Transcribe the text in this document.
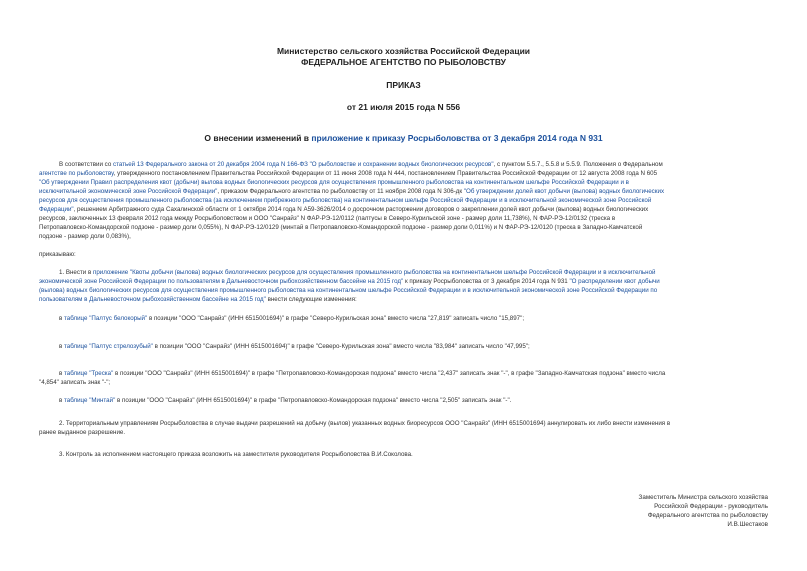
Министерство сельского хозяйства Российской Федерации
ФЕДЕРАЛЬНОЕ АГЕНТСТВО ПО РЫБОЛОВСТВУ
ПРИКАЗ
от 21 июля 2015 года N 556
О внесении изменений в приложение к приказу Росрыболовства от 3 декабря 2014 года N 931
В соответствии со статьей 13 Федерального закона от 20 декабря 2004 года N 166-ФЗ "О рыболовстве и сохранении водных биологических ресурсов", с пунктом 5.5.7., 5.5.8 и 5.5.9. Положения о Федеральном
агентстве по рыболовству, утвержденного постановлением Правительства Российской Федерации от 11 июня 2008 года N 444, постановлением Правительства Российской Федерации от 12 августа 2008 года N 605
"Об утверждении Правил распределения квот (добычи) вылова водных биологических ресурсов для осуществления промышленного рыболовства на континентальном шельфе Российской Федерации и в
исключительной экономической зоне Российской Федерации", приказом Федерального агентства по рыболовству от 11 ноября 2008 года N 306-дк "Об утверждении долей квот добычи (вылова) водных биологических
ресурсов для осуществления промышленного рыболовства (за исключением прибрежного рыболовства) на континентальном шельфе Российской Федерации и в исключительной экономической зоне Российской
Федерации", решением Арбитражного суда Сахалинской области от 1 октября 2014 года N А59-3626/2014 о досрочном расторжении договоров о закреплении долей квот добычи (вылова) водных биологических
ресурсов, заключенных 13 февраля 2012 года между Росрыболовством и ООО "Санрайз" N ФАР-РЭ-12/0112 (палтусы в Северо-Курильской зоне - размер доли 11,738%), N ФАР-РЭ-12/0132 (треска в
Петропавловско-Командорской подзоне - размер доли 0,055%), N ФАР-РЭ-12/0129 (минтай в Петропавловско-Командорской подзоне - размер доли 0,011%) и N ФАР-РЭ-12/0120 (треска в Западно-Камчатской
подзоне - размер доли 0,083%),
приказываю:
1. Внести в приложение "Квоты добычи (вылова) водных биологических ресурсов для осуществления промышленного рыболовства на континентальном шельфе Российской Федерации и в исключительной
экономической зоне Российской Федерации по пользователям в Дальневосточном рыбохозяйственном бассейне на 2015 год" к приказу Росрыболовства от 3 декабря 2014 года N 931 "О распределении квот добычи
(вылова) водных биологических ресурсов для осуществления промышленного рыболовства на континентальном шельфе Российской Федерации и в исключительной экономической зоне Российской Федерации по
пользователям в Дальневосточном рыбохозяйственном бассейне на 2015 год" внести следующие изменения:
в таблице "Палтус белокорый" в позиции "ООО "Санрайз" (ИНН 6515001694)" в графе "Северо-Курильская зона" вместо числа "27,819" записать число "15,897";
в таблице "Палтус стрелозубый" в позиции "ООО "Санрайз" (ИНН 6515001694)" в графе "Северо-Курильская зона" вместо числа "83,984" записать число "47,995";
в таблице "Треска" в позиции "ООО "Санрайз" (ИНН 6515001694)" в графе "Петропавловско-Командорская подзона" вместо числа "2,437" записать знак "-", в графе "Западно-Камчатская подзона" вместо числа
"4,854" записать знак "-";
в таблице "Минтай" в позиции "ООО "Санрайз" (ИНН 6515001694)" в графе "Петропавловско-Командорская подзона" вместо числа "2,505" записать знак "-".
2. Территориальным управлениям Росрыболовства в случае выдачи разрешений на добычу (вылов) указанных водных биоресурсов ООО "Санрайз" (ИНН 6515001694) аннулировать их либо внести изменения в
ранее выданное разрешение.
3. Контроль за исполнением настоящего приказа возложить на заместителя руководителя Росрыболовства В.И.Соколова.
Заместитель Министра сельского хозяйства
Российской Федерации - руководитель
Федерального агентства по рыболовству
И.В.Шестаков
